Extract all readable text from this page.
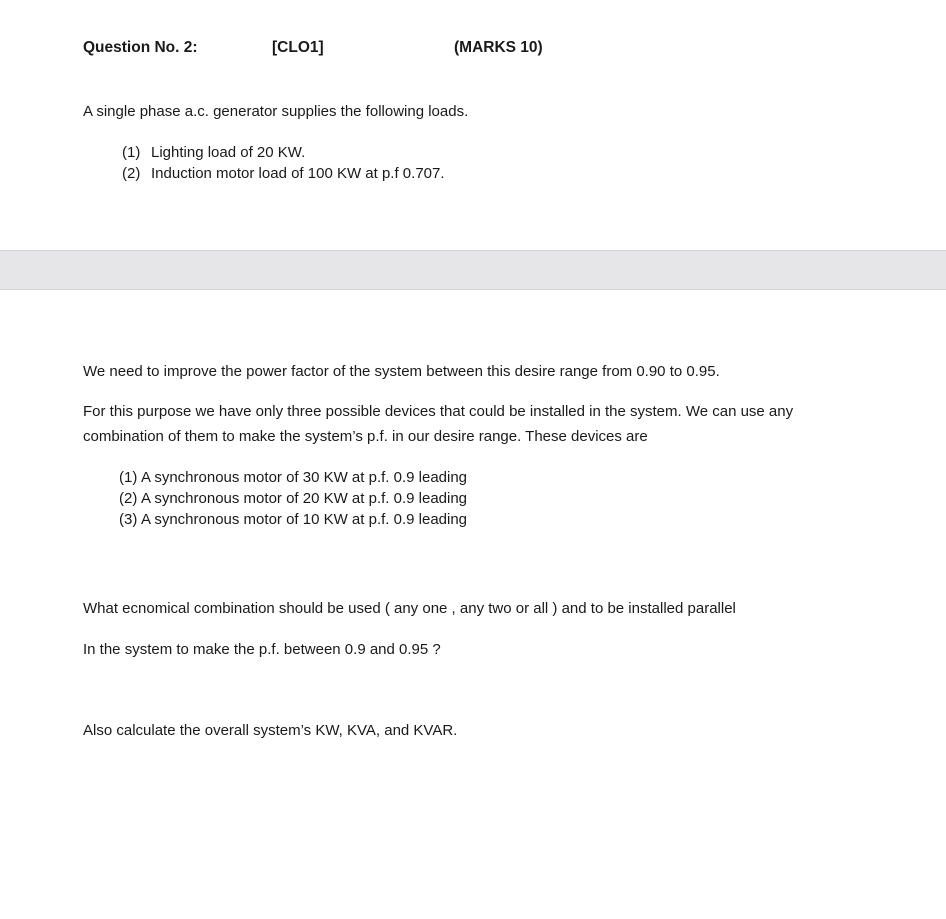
Question No. 2:	[CLO1]	(MARKS 10)
A single phase a.c. generator supplies the following loads.
(1) Lighting load of 20 KW.
(2) Induction motor load of 100 KW at p.f 0.707.
We need to improve the power factor of the system between this desire range from 0.90 to 0.95.
For this purpose we have only three possible devices that could be installed in the system. We can use any
combination of them to make the system’s p.f. in our desire range. These devices are
(1) A synchronous motor of 30 KW at p.f. 0.9 leading
(2) A synchronous motor of 20 KW at p.f. 0.9 leading
(3) A synchronous motor of 10 KW at p.f. 0.9 leading
What ecnomical combination should be used ( any one , any two or all ) and to be installed parallel
In the system to make the p.f. between 0.9 and 0.95 ?
Also calculate the overall system’s KW, KVA, and KVAR.
